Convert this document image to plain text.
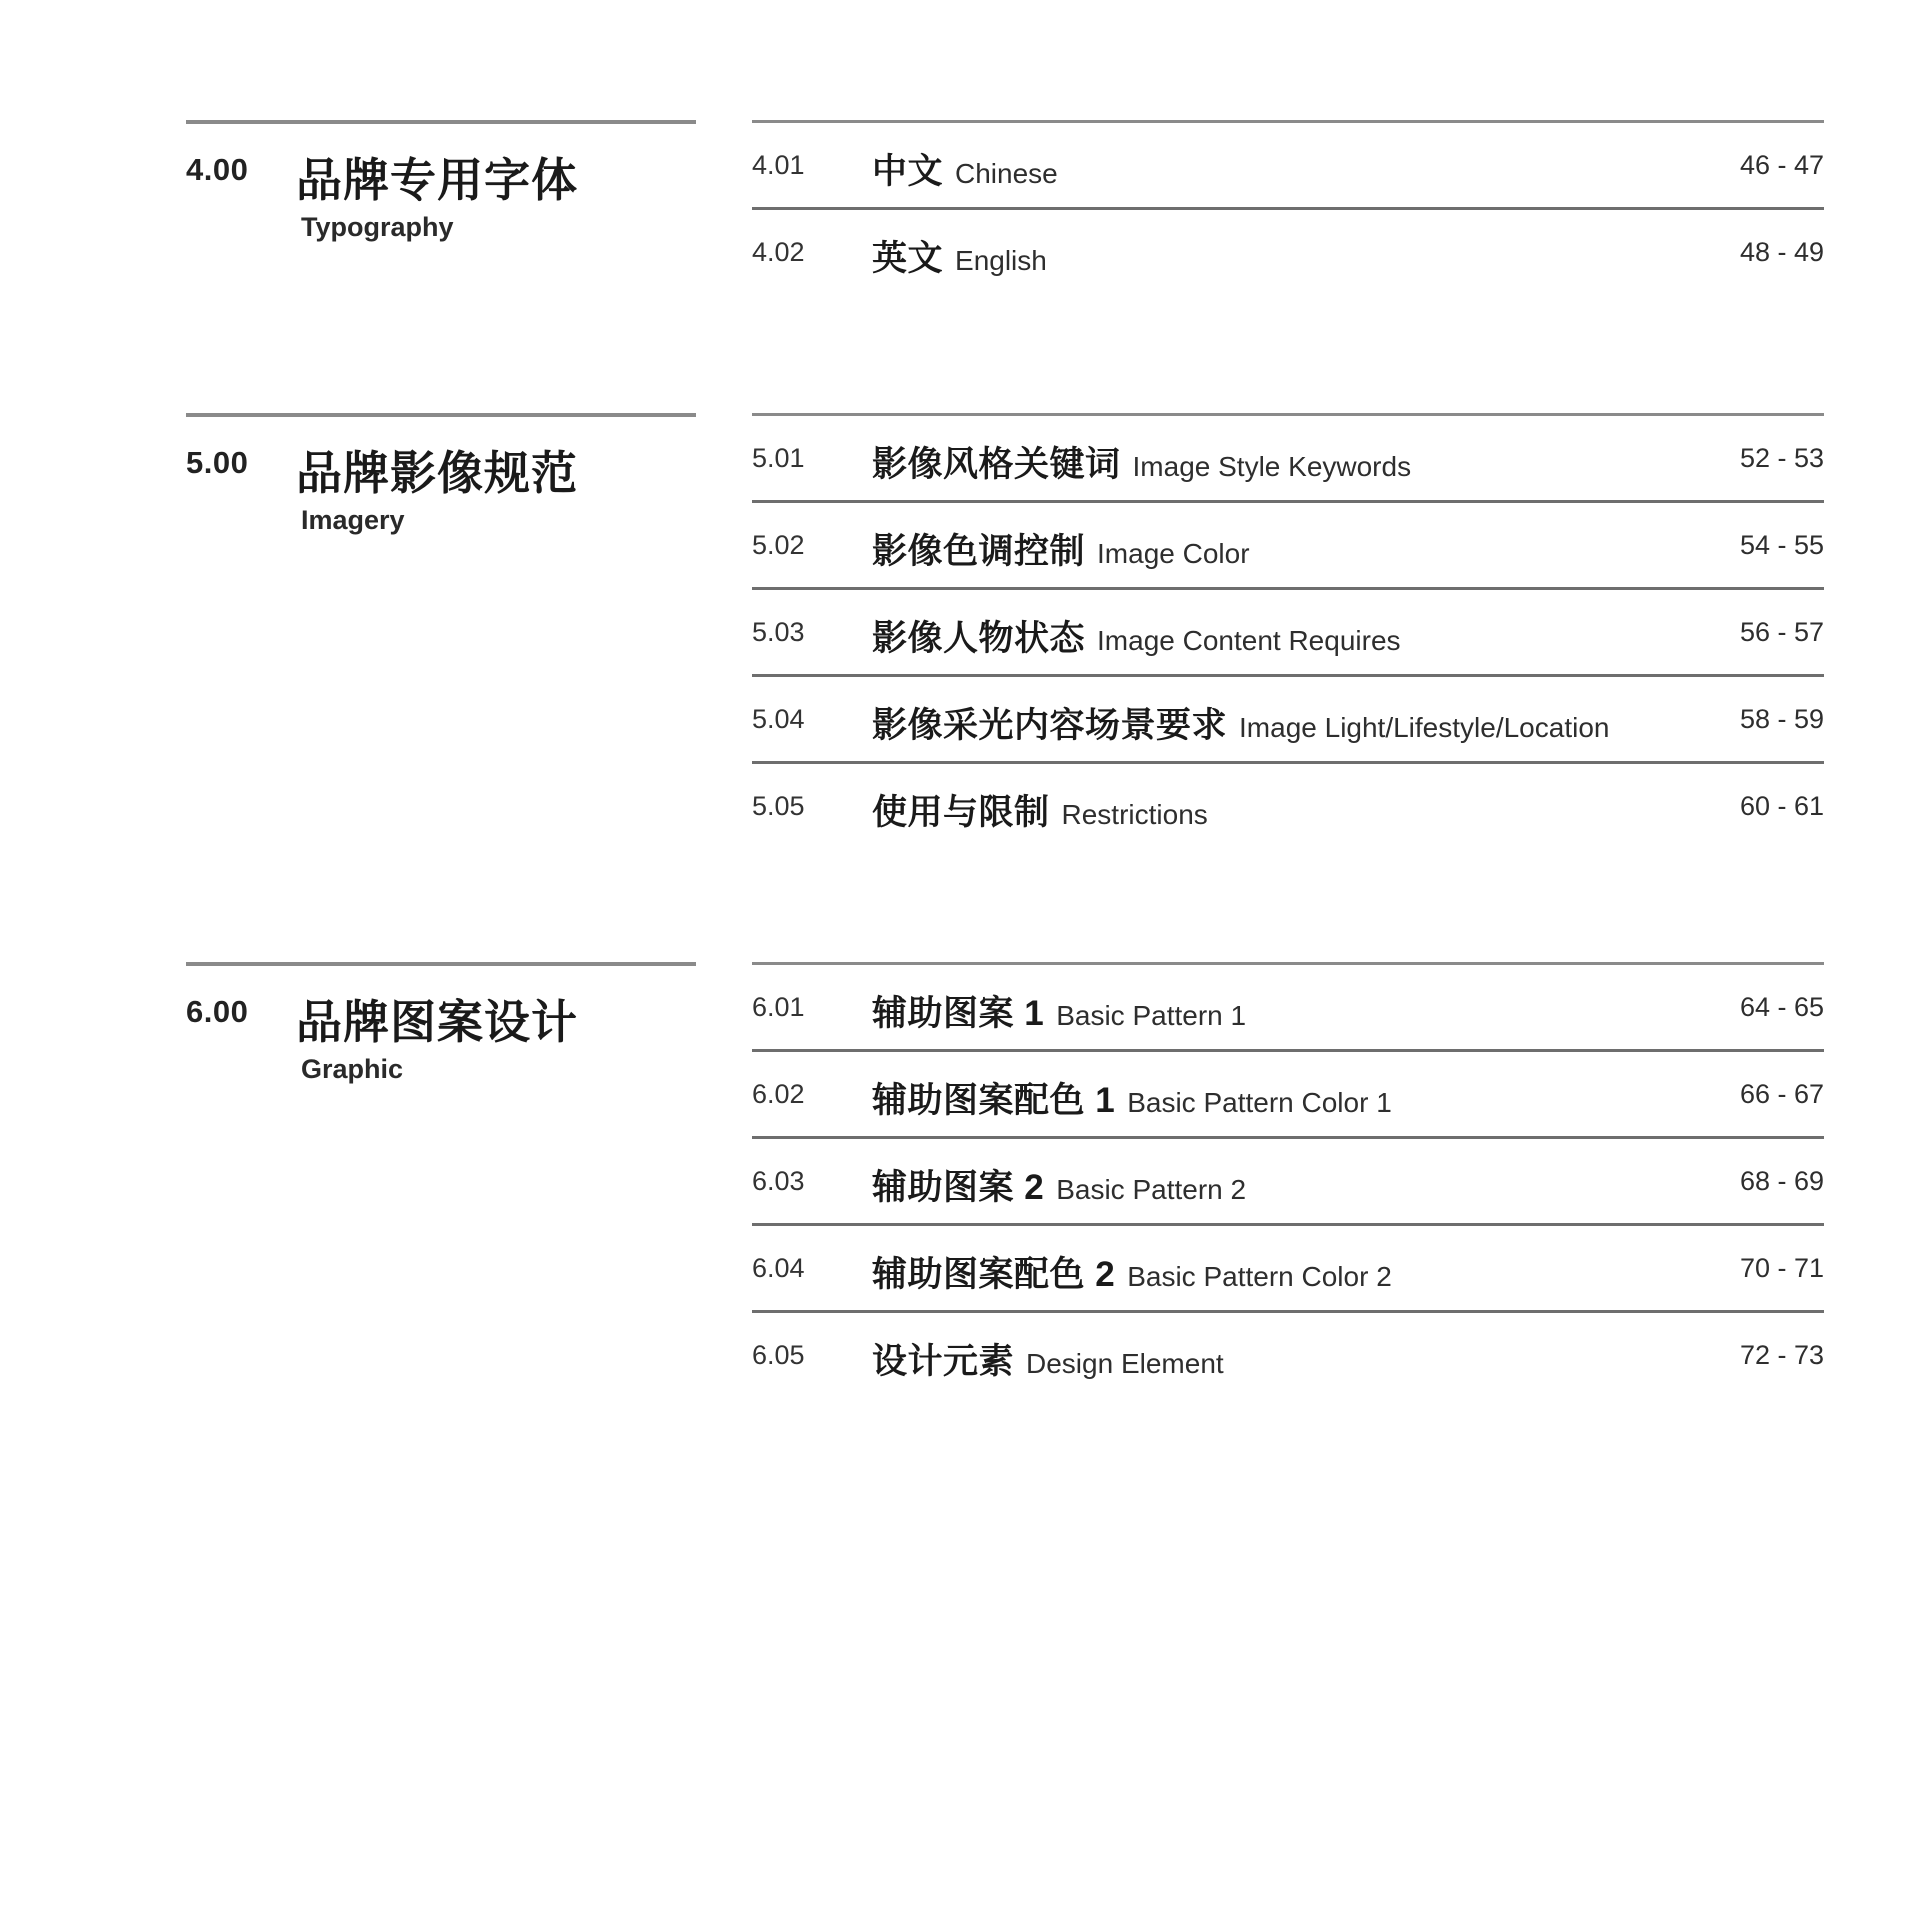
4.00 品牌专用字体
Typography
4.01 中文 Chinese	46 - 47
4.02 英文 English	48 - 49
5.00 品牌影像规范
Imagery
5.01 影像风格关键词 Image Style Keywords	52 - 53
5.02 影像色调控制 Image Color	54 - 55
5.03 影像人物状态 Image Content Requires	56 - 57
5.04 影像采光内容场景要求 Image Light/Lifestyle/Location	58 - 59
5.05 使用与限制 Restrictions	60 - 61
6.00 品牌图案设计
Graphic
6.01 辅助图案 1 Basic Pattern 1	64 - 65
6.02 辅助图案配色 1 Basic Pattern Color 1	66 - 67
6.03 辅助图案 2 Basic Pattern 2	68 - 69
6.04 辅助图案配色 2 Basic Pattern Color 2	70 - 71
6.05 设计元素 Design Element	72 - 73
